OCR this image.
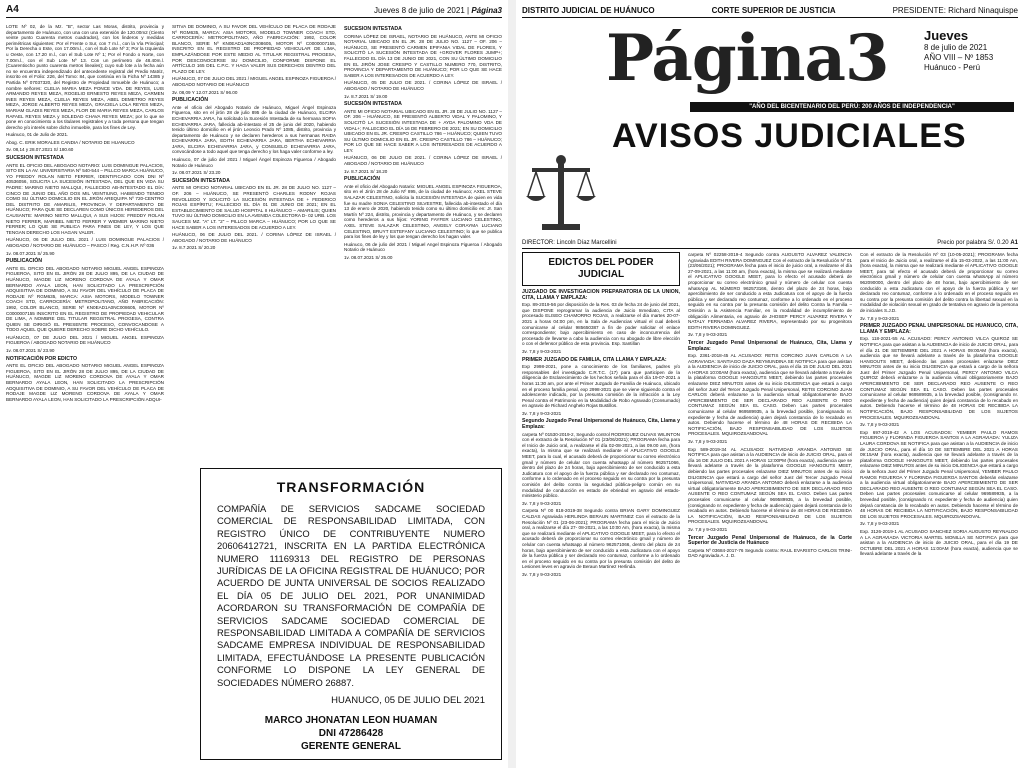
A4	Jueves 8 de julio de 2021 | Página3

LOTE Nº 02, de la Mz. "B", sector Las Moras, distrito, provincia y departamento de Huánuco, con una con una extensión de 120.00m2 (Ciento veinte punto Cuarenta metros cuadrados), con los linderos y medidas perimétricas siguientes: Por el Frente o Sur, con 7 m.l., con la Vía Principal; Por la Derecha o Este, con 17.00m.l., con el Sub Lote Nº 3; Por la Izquierda u Oeste, con 17.20 m.l., con el Sub Lote Nº 1; Por el Fondo o Norte, con 7.00m.l., con el Sub Lote Nº 13. Con un perímetro de 48.40m.l. (Cuarentiocho punto cuarenta metros lineales); cuyo sub lote a la fecha aún no se encuentra independizado del antecedente registral del Predio Matriz, inscrito en el Folio: 226, del Tomo: 84, que continúa en la Ficha Nº 14385 y Partida Nº 07037320, del Registro de Propiedad Inmueble de Huánuco; a nombre señores: CLELIA MARIA MEZA PONCE VDA. DE REYES, LUIS ARMANDO REYES MEZA, ROGELIO ERNESTO REYES MEZA, CARMEN INES REYES MEZA, CLELIA REYES MEZA, ABEL DEMETRIO REYES MEZA, JORGE ALBERTO REYES MEZA, GRACIELA LOLA REYES MEZA, MARIAM GLADIS REYES MEZA, FLOR DE MARIA REYES MEZA, CARLOS RAFAEL REYES MEZA y SOLEDAD CHAVA REYES MEZA; por lo que se pone en conocimiento a los titulares registrales y a toda persona que tengan derecho y/o interés sobre dicho inmueble, para los fines de Ley.

Huánuco, 01 de Julio de 2021.

Abog. C. ERIK MORALES CANDIA / NOTARIO DE HUANUCO

3v. 08,14 y 28.07.2021 S/ 180.60

SUCESION INTESTADA

ANTE EL OFICIO DEL ABOGADO NOTARIO: LUIS DOMINGUE PALACIOS, SITO EN LA AV. UNIVERSITARIA Nº 540-544 – PILLCO MARCA HUÁNUCO, YO FREDDY ROLAN NIETO FERRER, IDENTIFICADO CON DNI Nº 40536056, SOLICITA LA SUCESIÓN INTESTADA, DEL QUE EN VIDA SU PADRE: MARINO NIETO MALLQUI, FALLECIDO AB-INTESTADO EL DÍA: CINCO DE JUNIO DEL AÑO DOS MIL VEINTIUNO, HABIENDO TENIDO COMO SU ÚLTIMO DOMICILIO EN EL JIRÓN AREQUIPA Nº 720-CENTRO DEL DISTRITO DE AMARILIS, PROVINCIA Y DEPARTAMENTO DE HUÁNUCO; PARA QUE SE DECLAREN COMO ÚNICOS HEREDEROS DEL CAUSANTE: MARINO NIETO MALLQUI, A SUS HIJOS: FREDDY ROLAN NIETO FERRER, MARIBEL NIETO FERRER Y WIDMER MARINO NIETO FERRER; LO QUE SE PUBLICA PARA FINES DE LEY, Y LOS QUE TENGAN DERECHO LOS HAGAN VALER.

HUÁNUCO, 06 DE JULIO DEL 2021 / LUIS DOMINGUE PALACIOS / ABOGADO / NOTARIO DE HUÁNUCO – PASCO / Reg. C.N.H.P. Nº 036

1v. 08.07.2021 S/ 25.90

PUBLICACIÓN

ANTE EL OFICIO DEL ABOGADO NOTARIO MIGUEL ANGEL ESPINOZA FIGUEROA, SITO EN EL JIRÓN 28 DE JULIO 895, DE LA CIUDAD DE HUÁNUCO, MAGDE LIZ MORENO CORDOVA DE AYALA Y OMAR BERNARDO AYALA LEON, HAN SOLICITADO LA PRESCRIPCIÓN ADQUISITIVA DE DOMINIO, A SU FAVOR DEL VEHÍCULO DE PLACA DE RODAJE Nº RGM635, MARCA: ASIA MOTORS, MODELO TOWNER COACH STD, CARROCERÍA: METROPOLITANO, AÑO FABRICACIÓN: 1992, COLOR BLANCO, SERIE Nº KN0EAD1A0NC008605, MOTOR Nº C0000007155 INSCRITO EN EL REGISTRO DE PROPIEDAD VEHICULAR DE LIMA, A NOMBRE DEL TITULAR REGISTRAL PROGESA, CONTRA QUIEN SE DIRIGIÓ EL PRESENTE PROCESO, CONVOCANDOSE A TODO AQUEL QUE QUIERE DERECHO SOBRE DICHO VEHÍCULO.

HUÁNUCO, 07 DE JULIO DEL 2021 / MIGUEL ANGEL ESPINOZA FIGUEROA / ABOGADO NOTARIO DE HUÁNUCO

1v. 08.07.2021 S/ 23.90

NOTIFICACIÓN POR EDICTO

ANTE EL OFICIO DEL ABOGADO NOTARIO MIGUEL ANGEL ESPINOZA FIGUEROA, SITO EN EL JIRÓN 28 DE JULIO 895, DE LA CIUDAD DE HUÁNUCO, MAGDE LIZ MORENO CORDOVA DE AYALA Y OMAR BERNARDO AYALA LEON, HAN SOLICITADO LA PRESCRIPCIÓN ADQUISITIVA DE DOMINIO, A SU FAVOR DEL VEHÍCULO DE PLACA DE RODAJE MAGDE LIZ MORENO CORDOVA DE AYALA Y OMAR BERNARDO AYALA LEON, HAN SOLICITADO LA PRESCRIPCIÓN ADQUI-

SITIVA DE DOMINIO, A SU FAVOR DEL VEHÍCULO DE PLACA DE RODAJE Nº RGM635, MARCA: ASIA MOTORS, MODELO TOWNER COACH STD, CARROCERÍA: METROPOLITANO, AÑO FABRICACIÓN: 1992, COLOR BLANCO, SERIE Nº KN0EAD1A0NC008605, MOTOR Nº C0000007155, INSCRITO EN EL REGISTRO DE PROPIEDAD VEHICULAR DE LIMA, EMPLAZÁNDOSE POR ESTE MEDIO AL TITULAR REGISTRAL PROGESA, POR DESCONOCERSE SU DOMICILIO, CONFORME DISPONE EL ARTÍCULO 165 DEL C.P.C. Y HAGA VALER SUS DERECHOS DENTRO DEL PLAZO DE LEY.

HUÁNUCO, 07 DE JULIO DEL 2021 / MIGUEL ANGEL ESPINOZA FIGUEROA / ABOGADO NOTARIO DE HUÁNUCO

3v. 08,09 Y 12.07.2021 S/ 96.00

PUBLICACIÓN

Ante el oficio del Abogado Notario de Huánuco, Miguel Ángel Espinoza Figueroa, sito en el jirón 28 de julio 895 de la ciudad de Huánuco, ELCIRA ECHEVARRIA JARA, ha solicitado la Sucesión Intestada de su hermana SOFIA ECHEVARRIA JARA, fallecida ab-intestato el 25 de junio del 2020, habiendo tenido último domicilio en el jirón Leoncio Prado Nº 1085, distrito, provincia y departamento de Huánuco y se declaren herederos a sus hermanas RAIDA ECHEVARRIA JARA, EDITH ECHEVARRIA JARA, BERTHA ECHEVARRIA JARA, ELCIRA ECHEVARRIA JARA, y CONSUELO ECHEVARRIA JARA, convocándose a todo aquel que tenga derecho y los haga valer conforme a ley.

Huánuco, 07 de julio del 2021 / Miguel Ángel Espinoza Figueroa / Abogado Notario de Huánuco

1v. 08.07.2021 S/ 23.20

SUCESIÓN INTESTADA

ANTE MI OFICIO NOTARIAL UBICADO EN EL JR. 28 DE JULIO NO. 1127 – OF. 206 – HUÁNUCO, SE PRESENTÓ CHARLES RODNY ROJAS REVOLLEDO Y SOLICITÓ LA SUCESIÓN INTESTADA DE + FEDERICO ROJAS ESPÍRITU; FALLECIDO EL DÍA 01 DE JUNIO DE 2021; EN EL ESTABLECIMIENTO DE SALUD HOSPITAL II HUÁNUCO – AMARILIS; QUIEN TUVO SU ÚLTIMO DOMICILIO EN LA AVENIDA COLECTORA D- 02 URB. LOS SAUCES MZ. "A" LT. "2" – PILLCO MARCA – HUÁNUCO; POR LO QUE SE HACE SABER A LOS INTERESADOS DE ACUERDO A LEY.

HUÁNUCO, 06 DE JULIO DEL 2021. / CORINA LÓPEZ DE ISRAEL / ABOGADO / NOTARIO DE HUÁNUCO

1v. 8.7.2021 S/ 20.20

SUCESION INTESTADA

CORINA LÓPEZ DE ISRAEL, NOTARIO DE HUÁNUCO, ANTE MI OFICIO NOTARIAL UBICADO EN EL JR. 28 DE JULIO NO. 1127 – OF. 206 – HUÁNUCO, SE PRESENTÓ CARMEN EPIFANIA VIDAL DE FLORES, Y SOLICITÓ LA SUCESIÓN INTESTADA DE +GROVER FLORES JUMP+; FALLECIDO EL DÍA 13 DE JUNIO DE 2021, CON SU ÚLTIMO DOMICILIO EN EL JIRÓN JOSE CRESPO Y CASTILLO NUMERO 770, DISTRITO, PROVINCIA Y DEPARTAMENTO DE HUÁNUCO; POR LO QUE SE HACE SABER A LOS INTERESADOS DE ACUERDO A LEY.

HUÁNUCO, 05 DE JULIO DE 2021. / CORINA LÓPEZ DE ISRAEL / ABOGADO / NOTARIO DE HUÁNUCO

1v. 8.7.2021 S/ 19.00

SUCESIÓN INTESTADA

ANTE MI OFICIO NOTARIAL UBICADO EN EL JR. 28 DE JULIO NO. 1127 – OF. 206 – HUÁNUCO, SE PRESENTÓ ALBERTO VIDAL Y PALOMINO, Y SOLICITÓ LA SUCESIÓN INTESTADA DE + AYDA PALOMINO VDA DE VIDAL+; FALLECIDO EL DÍA 16 DE FEBRERO DE 2021; EN SU DOMICILIO UBICADO EN EL JR. CRESPO CASTILLO 786 – HUÁNUCO; QUIEN TUVO SU ÚLTIMO DOMICILIO EN EL JR. CRESPO CASTILLO 786 – HUÁNUCO; POR LO QUE SE HACE SABER A LOS INTERESADOS DE ACUERDO A LEY.

HUÁNUCO, 06 DE JULIO DE 2021. / CORINA LÓPEZ DE ISRAEL / ABOGADO / NOTARIO DE HUÁNUCO

1v. 8.7.2021 S/ 18.20

PUBLICACIÓN

Ante el oficio del Abogado Notario: MIGUEL ANGEL ESPINOZA FIGUEROA, sito en el Jirón 28 de Julio Nº 895, de la ciudad de Huánuco; AXEL STEVE SALAZAR CELESTINO, solicita la SUCESIÓN INTESTADA de quien en vida fue su madre SONIA CELESTINO SILVESTRE, fallecida ab-intestado el día 13 de enero de 2020, habiendo tenido como su último domicilio en: Jr. San Martín Nº 224, distrito, provincia y departamento de Huánuco, y se declaren como herederos a sus hijos: YORING FAYFER LUCIANO CELESTINO, AXEL STEVE SALAZAR CELESTINO, ANGELY CORAYMA LUCIANO CELESTINO, BRUYT ESTEFANY LUCIANO CELESTINO; lo que se publica para los fines de ley y los que tengan derecho los hagan valer.

Huánuco, 06 de julio del 2021 / Miguel Angel Espinoza Figueroa / Abogado Notario de Huánuco

1v. 08.07.2021 S/ 25.00

TRANSFORMACIÓN
COMPAÑÍA DE SERVICIOS SADCAME SOCIEDAD COMERCIAL DE RESPONSABILIDAD LIMITADA, CON REGISTRO ÚNICO DE CONTRIBUYENTE NUMERO 20606412721, INSCRITA EN LA PARTIDA ELECTRÓNICA NUMERO 11169313 DEL REGISTRO DE PERSONAS JURÍDICAS DE LA OFICINA REGISTRAL DE HUÁNUCO; POR ACUERDO DE JUNTA UNIVERSAL DE SOCIOS REALIZADO EL DÍA 05 DE JULIO DEL 2021, POR UNANIMIDAD ACORDARON SU TRANSFORMACIÓN DE COMPAÑÍA DE SERVICIOS SADCAME SOCIEDAD COMERCIAL DE RESPONSABILIDAD LIMITADA A COMPAÑÍA DE SERVICIOS SADCAME EMPRESA INDIVIDUAL DE RESPONSABILIDAD LIMITADA, EFECTUÁNDOSE LA PRESENTE PUBLICACIÓN CONFORME LO DISPONE LA LEY GENERAL DE SOCIEDADES NÚMERO 26887.
HUANUCO, 05 DE JULIO DEL 2021
MARCO JHONATAN LEON HUAMAN
DNI 47286428
GERENTE GENERAL
DISTRITO JUDICIAL DE HUÁNUCO	CORTE SUPERIOR DE JUSTICIA	PRESIDENTE: Richard Ninaquispe
Página3	Jueves
8 de julio de 2021
AÑO VIII – Nº 1853
Huánuco - Perú
"AÑO DEL BICENTENARIO DEL PERÚ: 200 AÑOS DE INDEPENDENCIA"
AVISOS JUDICIALES
DIRECTOR: Lincoln Díaz Marcellini	Precio por palabra S/. 0.20 A1
EDICTOS DEL PODER JUDICIAL
JUZGADO DE INVESTIGACION PREPARATORIA DE LA UNION, CITA, LLAMA Y EMPLAZA:

Exp. 89-2019-56 por disposición de la Res. 03 de fecha 24 de junio del 2021, que DISPONE reprogramar la audiencia de Juicio Inmediato, CITA al procesado ELISEO CHAMORRO ROJAS, a realizarse el día martes 20-07-2021 a horas 04:00 pm, en la Sala de Audiencias virtual el cual deberá comunicarse al celular 985650387 a fin de poder solicitar el enlace correspondiente; bajo apercibimiento en caso de inconcurrencia del procesado de llevarse a cabo la audiencia con su abogado de libre elección o con el defensor público de esta provincia. Esp. Santillan

3v. 7,8 y 9-03-2021

PRIMER JUZGADO DE FAMILIA, CITA LLAMA Y EMPLAZA:

Exp 2998-2021, pone a conocimiento de los familiares, padres y/o responsables del investigado C.R.T.C. (17) para que participen de la diligencia de Esclarecimiento de los hechos señala para el día 19-07-2021 a horas 11:30 am, por ante el Primer Juzgado de Familia de Huánuco, ubicado en el proceso familia penal, exp 2998-2021 que se viene siguiendo contra el adolescente indicado, por la presunta comisión de la infracción a la Ley Penal contra el Patrimonio en la Modalidad de Robo Agravado (Consumado) en agravio de Richard Anghelo Rojas Bustillos.

3v. 7,8 y 9-03-2021

Segundo Juzgado Penal Unipersonal de Huánuco, Cita, Llama y Emplaza:

carpeta Nº 01530-2019-2, Segundo control RODRIGUEZ OLIVAS WILINTON con el extracto de la Resolución Nº 01 (23/06/2021); PROGRAMA fecha para el Inicio de Juicio oral, a realizarse el día 02-08-2021, a las 09.00 am, (hora exacta), la misma que se realizará mediante el APLICATIVO GOOGLE MEET, para lo cual, el acusado deberá de proporcionar su correo electrónico gmail y número de celular con cuenta whatsapp al número 962571066, dentro del plazo de 24 horas, bajo apercibimiento de ser conducido a esta Judicatura con el apoyo de la fuerza pública y ser declarado reo contumaz, conforme a lo ordenado en el proceso seguido en su contra por la presunta comisión del delito contra la seguridad pública-peligro común en su modalidad de conducción en estado de ebriedad en agravio del estado-ministerio público.

3v. 7,8 y 9-03-2021

Carpeta Nº 00 818-2019-38 Segundo contra BRIAN GARY DOMINGUEZ CALDAS Agraviada HERLINDA BERAUN MARTINEZ Con el extracto de la Resolución Nº 01 (23-06-2021); PROGRAMA fecha para el Inicio de Juicio oral, a realizarse el día 27- 08-2021, a las 10:00 Am, (hora exacta), la misma que se realizará mediante el APLICATIVO GOOGLE MEET, para lo efecto el acusado deberá de proporcionar su correo electrónico gmail y número de celular con cuenta whatsapp al número 962571066, dentro del plazo de 24 horas, bajo apercibimiento de ser conducido a esta Judicatura con el apoyo de la fuerza pública y ser declarado reo contumaz, conforme a lo ordenado en el proceso seguido en su contra por la presunta comisión del delito de Lesiones leves en agravio de Beraun Martinez Herlinda.

3v. 7,8 y 9-03-2021

carpeta Nº 02258-2019-4 Segundo contra AUGUSTO ALVAREZ VALENCIA Agraviada EDITH RIVERA DOMINGUEZ Con el extracto de la Resolución Nº 01 (23/06/2021); PROGRAMA fecha para el inicio de juicio oral, a realizarse el día 27-09-2021, a las 11:00 am, (hora exacta), la misma que se realizará mediante el APLICATIVO GOOGLE MEET, para lo efecto el acusado deberá de proporcionar su correo electrónico gmail y número de celular con cuenta whatsApp AL NÚMERO 962573166, dentro del plazo de 24 horas, bajo apercibimiento de ser conducido a esta Judicatura con el apoyo de la fuerza pública y ser declarado reo contumaz, conforme a lo ordenado en el proceso seguido en su contra por la presunta comisión del delito Contra la Familia – Omisión a la Asistencia Familiar, en la modalidad de incumplimiento de obligación Alimentaria, en agravio de JHOSEP PERCY ALVAREZ RIVERA Y NATALY FERNANDA ALVAREZ RIVERA, representado por su progenitora EDITH RIVERA DOMINGUEZ.

3v. 7,8 y 9-03-2021

Tercer Juzgado Penal Unipersonal de Huánuco, Cita, Llama y Emplaza:

Exp. 2361-2018-45 AL ACUSADO: RETIS CORCINO JUAN CARLOS A LA AGRAVIADA: SANTIAGO DAZA REYMUNDINA SE NOTIFICA para que asistan a la AUDIENCIA de inicio de JUICIO ORAL, para el día 15 DE JULIO DEL 2021 A HORAS 10:00AM (hora exacta), audiencia que se llevará adelante a través de la plataforma GOOGLE HANGOUTS MEET, debiendo las partes procesales enlazarse DIEZ MINUTOS antes de su inicio DILIGENCIA que estará a cargo del señor Juez del Tercer Juzgado Penal Unipersonal, RETIS CORCINO JUAN CARLOS deberá enlazarse a la audiencia virtual obligatoriamente BAJO APERCIBIMIENTO DE SER DECLARADO REO AUSENTE O REO CONTUMAZ SEGÚN SEA EL CASO. Deben Las partes procesales comunicarse al celular 969589935, a la brevedad posible, (consignando nr. expediente y fecha de audiencia) quien dejará constancia de lo recabado en autos. Debiendo hacerse el término de 48 HORAS DE RECIBIDA LA NOTIFICACIÓN, BAJO RESPONSABILIDAD DE LOS SUJETOS PROCESALES. MQUIROZSANDOVAL

3v. 7,8 y 9-03-2021

Exp 589-2019-34 AL ACUSADO: NATIVIDAD ARANDA ANTONIO SE NOTIFICA para que asistan a la AUDIENCIA de inicio de JUICIO ORAL, para el día 16 DE JULIO DEL 2021 A HORAS 12:00PM (hora exacta), audiencia que se llevará adelante a través de la plataforma GOOGLE HANGOUTS MEET, debiendo las partes procesales enlazarse DIEZ MINUTOS antes de su inicio DILIGENCIA que estará a cargo del señor Juez del Tercer Juzgado Penal Unipersonal, NATIVIDAD ARANDA ANTONIO deberá enlazarse a la audiencia virtual obligatoriamente BAJO APERCIBIMIENTO DE SER DECLARADO REO AUSENTE O REO CONTUMAZ SEGÚN SEA EL CASO. Deben Las partes procesales comunicarse al celular 969589935, a la brevedad posible, (consignando nr. expediente y fecha de audiencia) quien dejará constancia de lo recabado en autos. Debiendo hacerse el término de 48 HORAS DE RECIBIDA LA NOTIFICACIÓN, BAJO RESPONSABILIDAD DE LOS SUJETOS PROCESALES. MQUIROZSANDOVAL

3v. 7,8 y 9-03-2021

Tercer Juzgado Penal Unipersonal de Huánuco, de la Corte Superior de Justicia de Huánuco

Carpeta Nº 03684-2017-76 Segundo contra: RAUL EVARISTO CARLOS TRINI-DAD Agraviada A. J. D.

Con el extracto de la Resolución Nº 03 (10-05-2021); PROGRAMA fecha para el Inicio de Juicio oral, a realizarse el día 15-03-2022, a las 11:00 Am, (hora exacta), la misma que se realizará mediante el APLICATIVO GOOGLE MEET, para tal efecto el acusado deberá de proporcionar su correo electrónico gmail y número de celular con cuenta whatsApp al número 962090000, dentro del plazo de 48 horas, bajo apercibimiento de ser conducido a esta Judicatura con el apoyo de la fuerza pública y ser declarado reo contumaz, conforme a lo ordenado en el proceso seguido en su contra por la presunta comisión del delito contra la libertad sexual en la modalidad de violación sexual en grado de tentativa en agravio de la persona de iniciales S.J.D.

3v. 7,8 y 9-03-2021

PRIMER JUZGADO PENAL UNIPERSONAL DE HUANUCO, CITA, LLAMA Y EMPLAZA:

Exp. 118-2021-55 AL ACUSADO: PERCY ANTONIO VILCA QUIROZ SE NOTIFICA para que asistan a la AUDIENCIA de inicio de JUICIO ORAL, para el día 21 DE SETIEMBRE DEL 2021 A HORAS 09:00AM (hora exacta), audiencia que se llevará adelante a través de la plataforma GOOGLE HANGOUTS MEET, debiendo las partes procesales enlazarse DIEZ MINUTOS antes de su inicio DILIGENCIA que estará a cargo de la señora Juez del Primer Juzgado Penal Unipersonal, PERCY ANTONIO VILCA QUIROZ deberá enlazarse a la audiencia virtual obligatoriamente BAJO APERCIBIMIENTO DE SER DECLARADO REO AUSENTE O REO CONTUMAZ SEGÚN SEA EL CASO. Deben las partes procesales comunicarse al celular 969589935, a la brevedad posible, (consignando nr. expediente y fecha de audiencia) quien dejará constancia de lo recabado en autos. Debiendo hacerse el término de 48 HORAS DE RECIBIDA LA NOTIFICACIÓN, BAJO RESPONSABILIDAD DE LOS SUJETOS PROCESALES. MQUIROZSANDOVAL

3v. 7,8 y 9-03-2021

Exp 697-2019-42 A LOS ACUSADOS: YEMBER PAULO RAMOS FIGUEROA y FLORINDA FIGUEROA SANTOS A LA AGRAVIADA: YULIZA LAURA CORDOVA SE NOTIFICA para que asistan a la AUDIENCIA de inicio de JUICIO ORAL, para el día 10 DE SETIEMBRE DEL 2021 A HORAS 09:15AM (hora exacta), audiencia que se llevará adelante a través de la plataforma GOOGLE HANGOUTS MEET, debiendo las partes procesales enlazarse DIEZ MINUTOS antes de su inicio DILIGENCIA que estará a cargo de la señora Juez del Primer Juzgado Penal Unipersonal, YEMBER PAULO RAMOS FIGUEROA Y FLORINDA FIGUEROA SANTOS deberán enlazarse a la audiencia virtual obligatoriamente BAJO APERCIBIMIENTO DE SER DECLARADO REO AUSENTE O REO CONTUMAZ SEGÚN SEA EL CASO. Deben Las partes procesales comunicarse al celular 969589935, a la brevedad posible, (consignando nr. expediente y fecha de audiencia) quien dejará constancia de lo recabado en autos. Debiendo hacerse el término de 48 HORAS DE RECIBIDA LA NOTIFICACIÓN, BAJO RESPONSABILIDAD DE LOS SUJETOS PROCESALES. MQUIROZSANDOVAL

3v. 7,8 y 9-03-2021

Exp. 3126-2019-1 AL ACUSADO SANCHEZ SORIA AUGUSTO REYNALDO A LA AGRAVIADA VICTORIA MARTEL MONILLA SE NOTIFICA para que asistan a la AUDIENCIA de inicio de JUICIO ORAL, para el día 19 DE OCTUBRE DEL 2021 A HORAS 11:00AM (hora exacta), audiencia que se llevará adelante a través de la
